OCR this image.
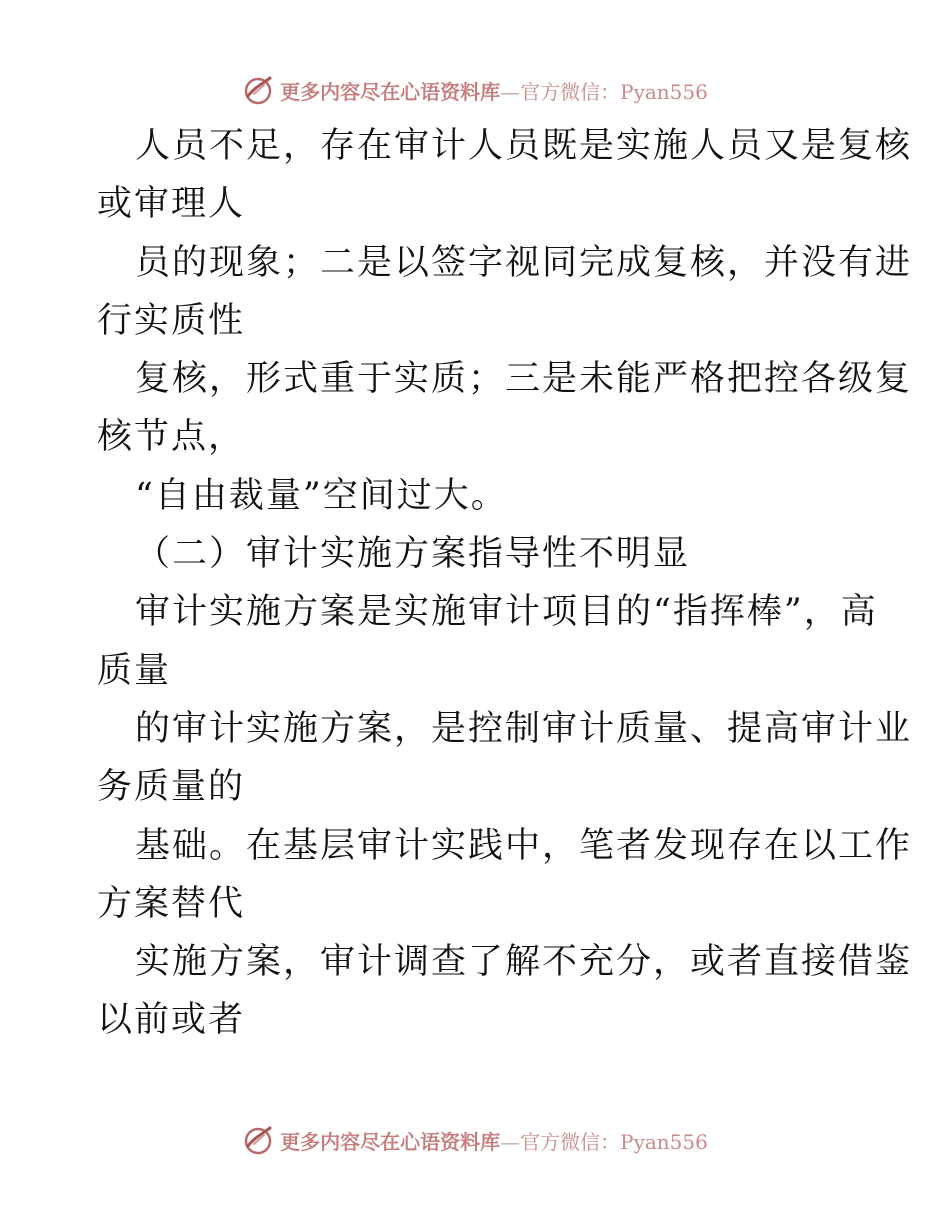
更多内容尽在心语资料库—官方微信：Pyan556
人员不足，存在审计人员既是实施人员又是复核
或审理人
员的现象；二是以签字视同完成复核，并没有进
行实质性
复核，形式重于实质；三是未能严格把控各级复
核节点，
“自由裁量”空间过大。
（二）审计实施方案指导性不明显
审计实施方案是实施审计项目的“指挥棒”，高
质量
的审计实施方案，是控制审计质量、提高审计业
务质量的
基础。在基层审计实践中，笔者发现存在以工作
方案替代
实施方案，审计调查了解不充分，或者直接借鉴
以前或者
更多内容尽在心语资料库—官方微信：Pyan556
